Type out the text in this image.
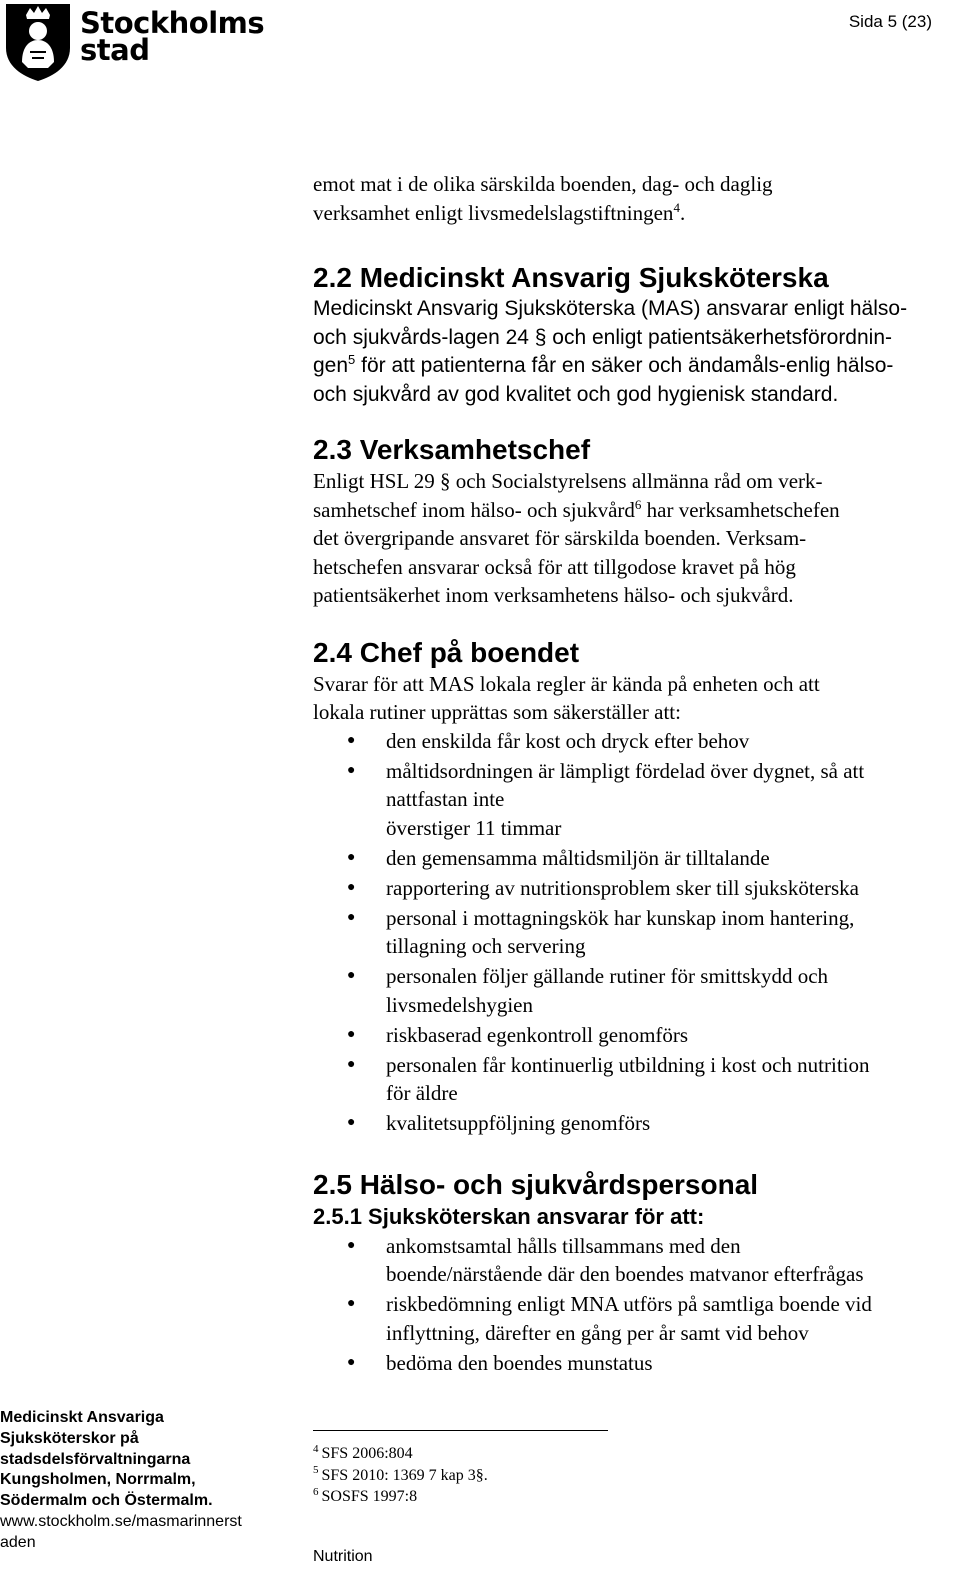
Stockholms
stad
Sida 5 (23)

emot mat i de olika särskilda boenden, dag- och daglig
verksamhet enligt livsmedelslagstiftningen$^4$.

2.2 Medicinskt Ansvarig Sjuksköterska

Medicinskt Ansvarig Sjuksköterska (MAS) ansvarar enligt hälso-
och sjukvårds-lagen 24 § och enligt patientsäkerhetsförordnin-
gen$^5$ för att patienterna får en säker och ändamåls-enlig hälso-
och sjukvård av god kvalitet och god hygienisk standard.

2.3 Verksamhetschef

Enligt HSL 29 § och Socialstyrelsens allmänna råd om verk-
samhetschef inom hälso- och sjukvård$^6$ har verksamhetschefen
det övergripande ansvaret för särskilda boenden. Verksam-
hetschefen ansvarar också för att tillgodose kravet på hög
patientsäkerhet inom verksamhetens hälso- och sjukvård.

2.4 Chef på boendet

Svarar för att MAS lokala regler är kända på enheten och att
lokala rutiner upprättas som säkerställer att:

● den enskilda får kost och dryck efter behov
● måltidsordningen är lämpligt fördelad över dygnet, så att
nattfastan inte
överstiger 11 timmar
● den gemensamma måltidsmiljön är tilltalande
● rapportering av nutritionsproblem sker till sjuksköterska
● personal i mottagningskök har kunskap inom hantering,
tillagning och servering
● personalen följer gällande rutiner för smittskydd och
livsmedelshygien
● riskbaserad egenkontroll genomförs
● personalen får kontinuerlig utbildning i kost och nutrition
för äldre
● kvalitetsuppföljning genomförs
2.5 Hälso- och sjukvårdspersonal
2.5.1 Sjuksköterskan ansvarar för att:
● ankomstsamtal hålls tillsammans med den
boende/närstående där den boendes matvanor efterfrågas
● riskbedömning enligt MNA utförs på samtliga boende vid
inflyttning, därefter en gång per år samt vid behov
● bedöma den boendes munstatus
Medicinskt Ansvariga
Sjuksköterskor på
stadsdelsförvaltningarna
Kungsholmen, Norrmalm,
Södermalm och Östermalm.
www.stockholm.se/masmarinnerstaden
$^4$ SFS 2006:804
$^5$ SFS 2010: 1369 7 kap 3§.
$^6$ SOSFS 1997:8
Nutrition
